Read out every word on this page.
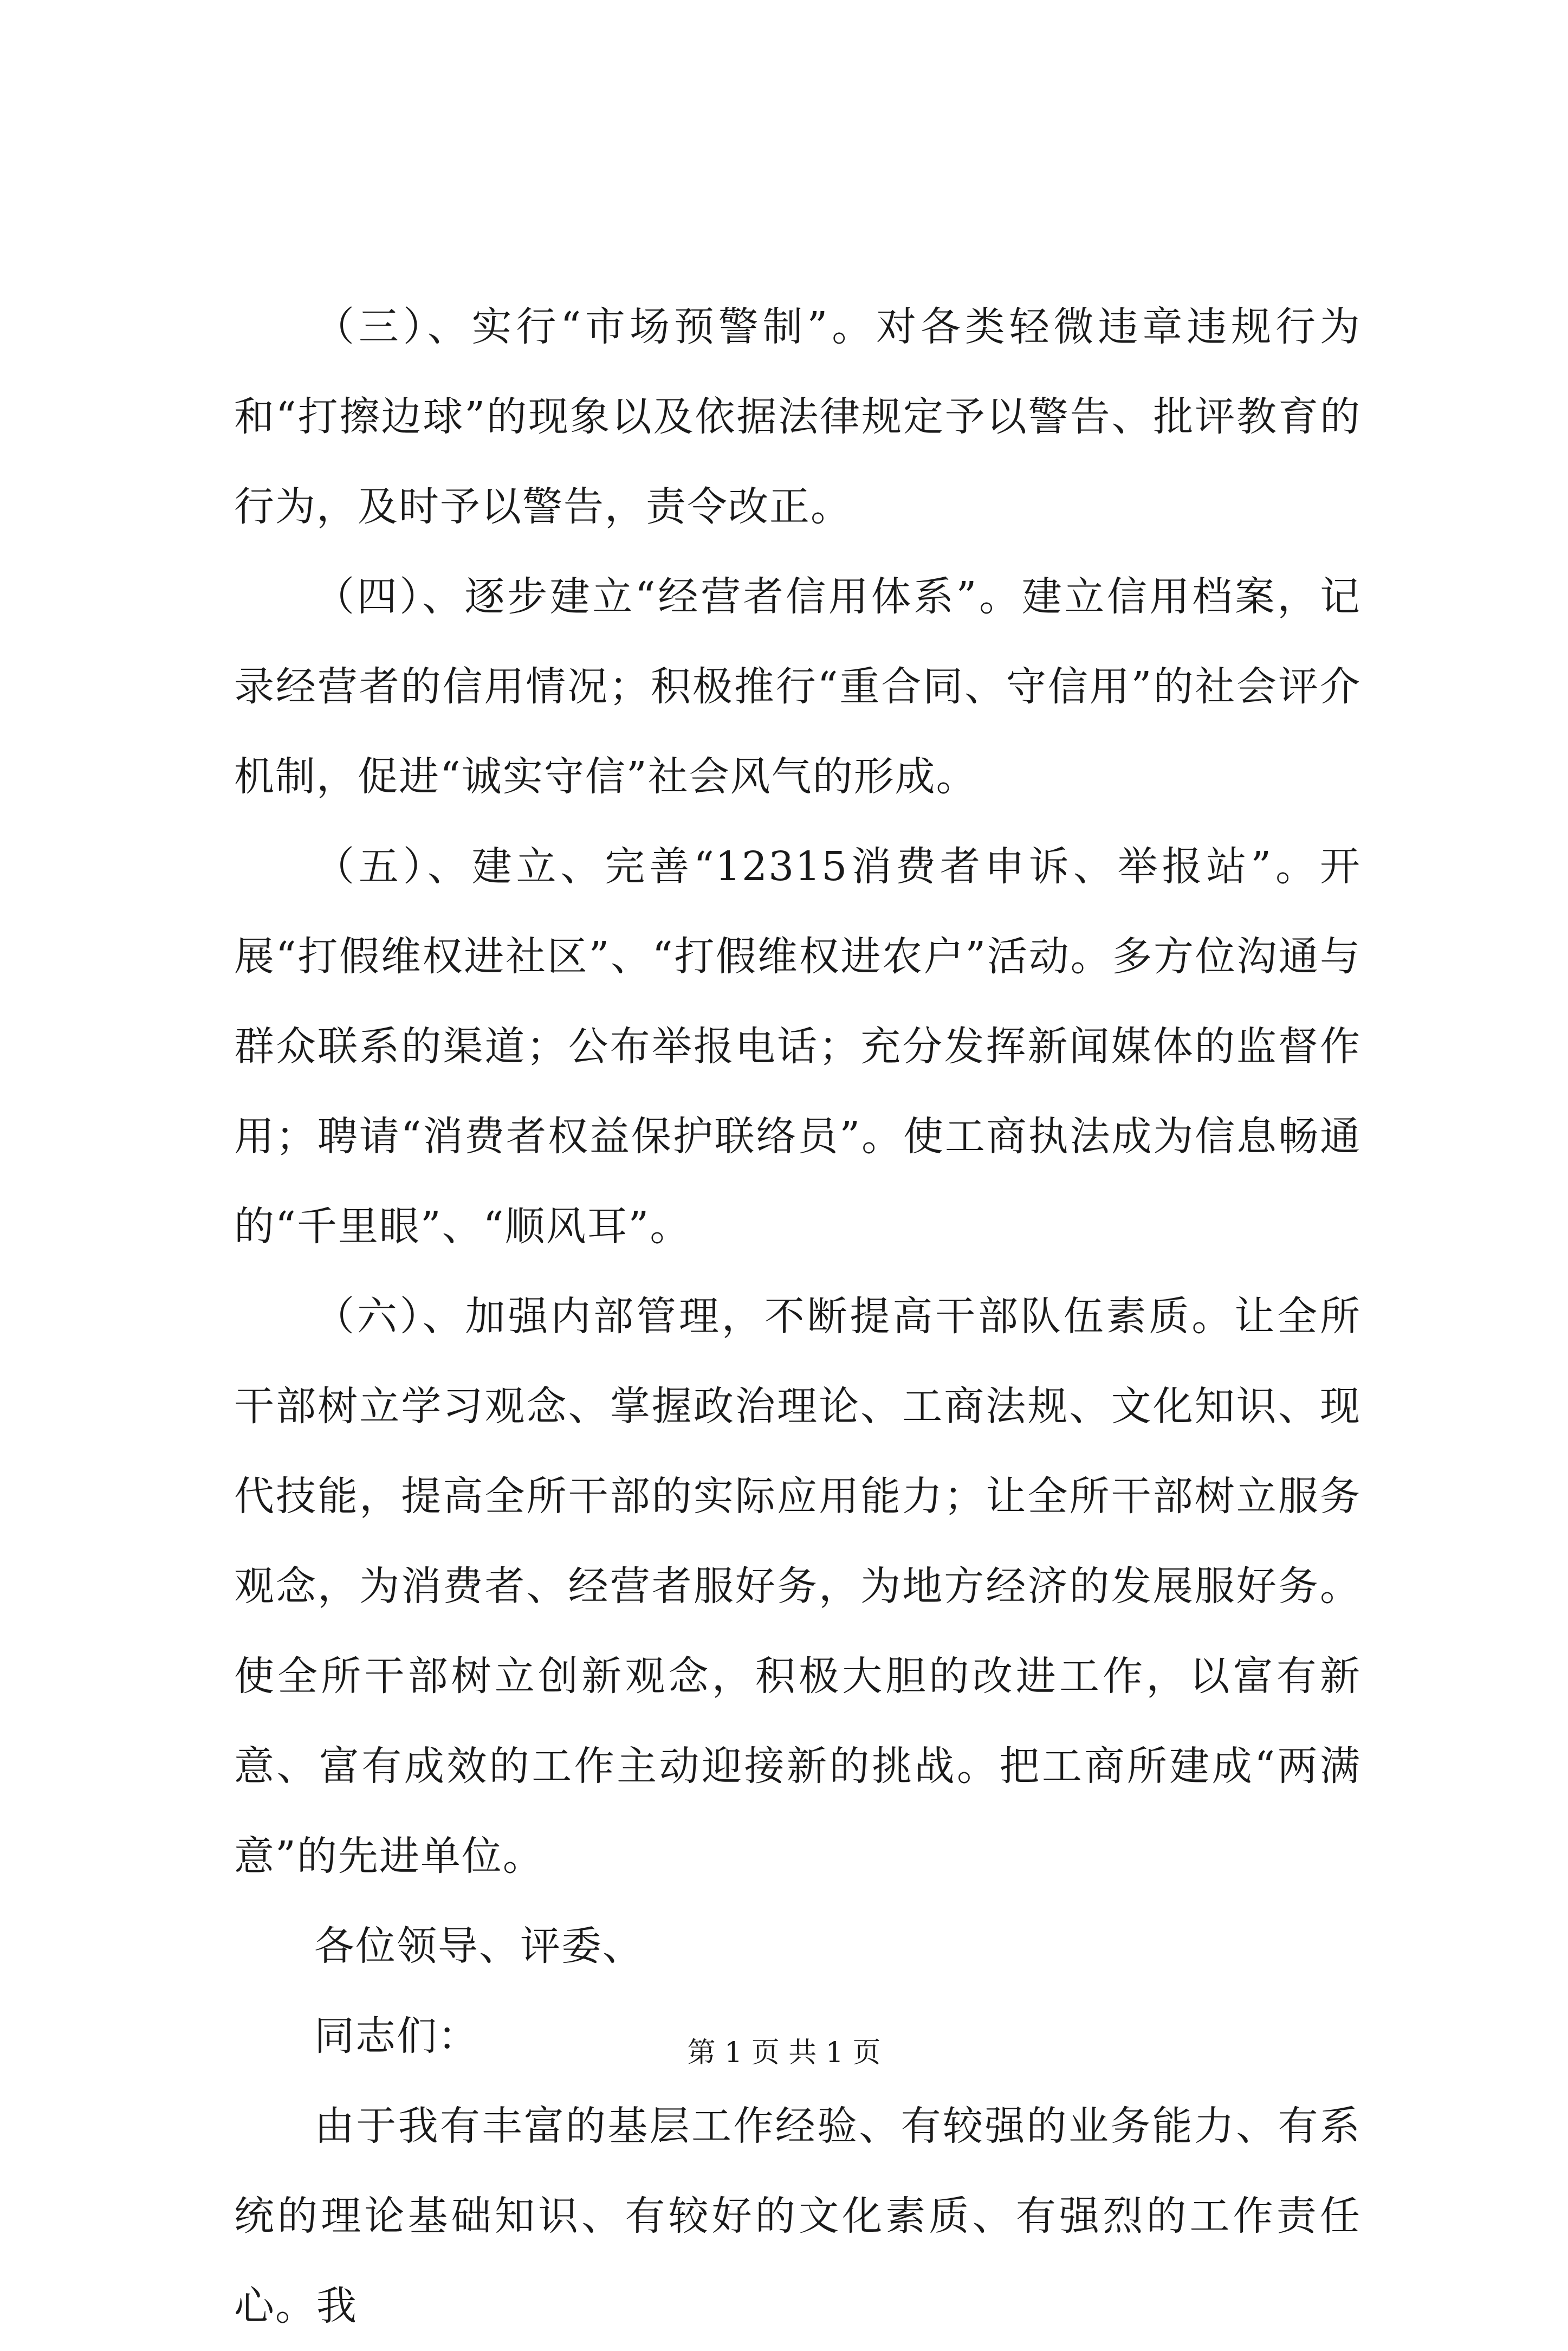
（三）、实行“市场预警制”。对各类轻微违章违规行为和“打擦边球”的现象以及依据法律规定予以警告、批评教育的行为，及时予以警告，责令改正。

（四）、逐步建立“经营者信用体系”。建立信用档案，记录经营者的信用情况；积极推行“重合同、守信用”的社会评介机制，促进“诚实守信”社会风气的形成。

（五）、建立、完善“12315消费者申诉、举报站”。开展“打假维权进社区”、“打假维权进农户”活动。多方位沟通与群众联系的渠道；公布举报电话；充分发挥新闻媒体的监督作用；聘请“消费者权益保护联络员”。使工商执法成为信息畅通的“千里眼”、“顺风耳”。

（六）、加强内部管理，不断提高干部队伍素质。让全所干部树立学习观念、掌握政治理论、工商法规、文化知识、现代技能，提高全所干部的实际应用能力；让全所干部树立服务观念，为消费者、经营者服好务，为地方经济的发展服好务。使全所干部树立创新观念，积极大胆的改进工作，以富有新意、富有成效的工作主动迎接新的挑战。把工商所建成“两满意”的先进单位。

各位领导、评委、

同志们：

由于我有丰富的基层工作经验、有较强的业务能力、有系统的理论基础知识、有较好的文化素质、有强烈的工作责任心。我

第 1 页 共 1 页
